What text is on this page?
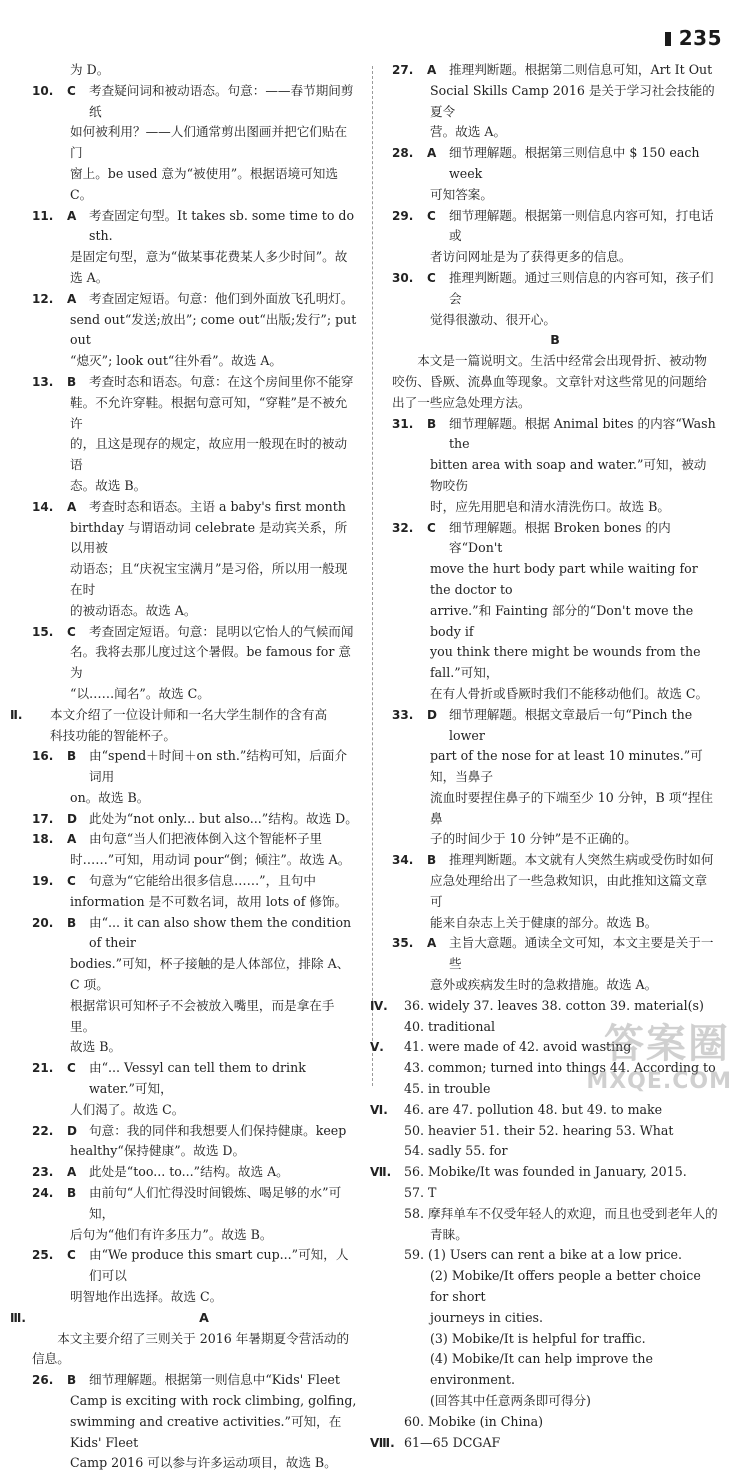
235
为 D。
10.	C	考查疑问词和被动语态。句意：——春节期间剪纸
如何被利用？——人们通常剪出图画并把它们贴在门
窗上。be used 意为“被使用”。根据语境可知选 C。
11.	A	考查固定句型。It takes sb. some time to do sth.
是固定句型，意为“做某事花费某人多少时间”。故
选 A。
12.	A	考查固定短语。句意：他们到外面放飞孔明灯。
send out“发送;放出”; come out“出版;发行”; put out
“熄灭”; look out“往外看”。故选 A。
13.	B	考查时态和语态。句意：在这个房间里你不能穿
鞋。不允许穿鞋。根据句意可知，“穿鞋”是不被允许
的，且这是现存的规定，故应用一般现在时的被动语
态。故选 B。
14.	A	考查时态和语态。主语 a baby's first month
birthday 与谓语动词 celebrate 是动宾关系，所以用被
动语态；且“庆祝宝宝满月”是习俗，所以用一般现在时
的被动语态。故选 A。
15.	C	考查固定短语。句意：昆明以它怡人的气候而闻
名。我将去那儿度过这个暑假。be famous for 意为
“以……闻名”。故选 C。
Ⅱ.	本文介绍了一位设计师和一名大学生制作的含有高
科技功能的智能杯子。
16.	B	由“spend＋时间＋on sth.”结构可知，后面介词用
on。故选 B。
17.	D 此处为“not only... but also...”结构。故选 D。
18.	A	由句意“当人们把液体倒入这个智能杯子里
时……”可知，用动词 pour“倒；倾注”。故选 A。
19.	C	句意为“它能给出很多信息……”，且句中
information 是不可数名词，故用 lots of 修饰。
20.	B	由“... it can also show them the condition of their
bodies.”可知，杯子接触的是人体部位，排除 A、C 项。
根据常识可知杯子不会被放入嘴里，而是拿在手里。
故选 B。
21.	C	由“... Vessyl can tell them to drink water.”可知，
人们渴了。故选 C。
22.	D 句意：我的同伴和我想要人们保持健康。keep
healthy“保持健康”。故选 D。
23.	A	此处是“too... to...”结构。故选 A。
24.	B	由前句“人们忙得没时间锻炼、喝足够的水”可知，
后句为“他们有许多压力”。故选 B。
25.	C	由“We produce this smart cup...”可知，人们可以
明智地作出选择。故选 C。
Ⅲ.	A
本文主要介绍了三则关于 2016 年暑期夏令营活动的
信息。
26.	B	细节理解题。根据第一则信息中“Kids' Fleet
Camp is exciting with rock climbing, golfing,
swimming and creative activities.”可知，在 Kids' Fleet
Camp 2016 可以参与许多运动项目，故选 B。
27.	A	推理判断题。根据第二则信息可知，Art It Out
Social Skills Camp 2016 是关于学习社会技能的夏令
营。故选 A。
28.	A	细节理解题。根据第三则信息中 $ 150 each week
可知答案。
29.	C	细节理解题。根据第一则信息内容可知，打电话或
者访问网址是为了获得更多的信息。
30.	C	推理判断题。通过三则信息的内容可知，孩子们会
觉得很激动、很开心。
B
本文是一篇说明文。生活中经常会出现骨折、被动物
咬伤、昏厥、流鼻血等现象。文章针对这些常见的问题给
出了一些应急处理方法。
31.	B	细节理解题。根据 Animal bites 的内容“Wash the
bitten area with soap and water.”可知，被动物咬伤
时，应先用肥皂和清水清洗伤口。故选 B。
32.	C	细节理解题。根据 Broken bones 的内容“Don't
move the hurt body part while waiting for the doctor to
arrive.”和 Fainting 部分的“Don't move the body if
you think there might be wounds from the fall.”可知，
在有人骨折或昏厥时我们不能移动他们。故选 C。
33.	D 细节理解题。根据文章最后一句“Pinch the lower
part of the nose for at least 10 minutes.”可知，当鼻子
流血时要捏住鼻子的下端至少 10 分钟，B 项“捏住鼻
子的时间少于 10 分钟”是不正确的。
34.	B	推理判断题。本文就有人突然生病或受伤时如何
应急处理给出了一些急救知识，由此推知这篇文章可
能来自杂志上关于健康的部分。故选 B。
35.	A	主旨大意题。通读全文可知，本文主要是关于一些
意外或疾病发生时的急救措施。故选 A。
Ⅳ.	36. widely 37. leaves 38. cotton 39. material(s)
40. traditional
Ⅴ.	41. were made of 42. avoid wasting
43. common; turned into things 44. According to
45. in trouble
Ⅵ.	46. are 47. pollution 48. but 49. to make
50. heavier 51. their 52. hearing 53. What
54. sadly 55. for
Ⅶ.	56. Mobike/It was founded in January, 2015.
57. T
58. 摩拜单车不仅受年轻人的欢迎，而且也受到老年人的
青睐。
59. (1) Users can rent a bike at a low price.
(2) Mobike/It offers people a better choice for short
journeys in cities.
(3) Mobike/It is helpful for traffic.
(4) Mobike/It can help improve the environment.
(回答其中任意两条即可得分)
60. Mobike (in China)
Ⅷ. 61—65 DCGAF
答案圈
MXQE.COM
